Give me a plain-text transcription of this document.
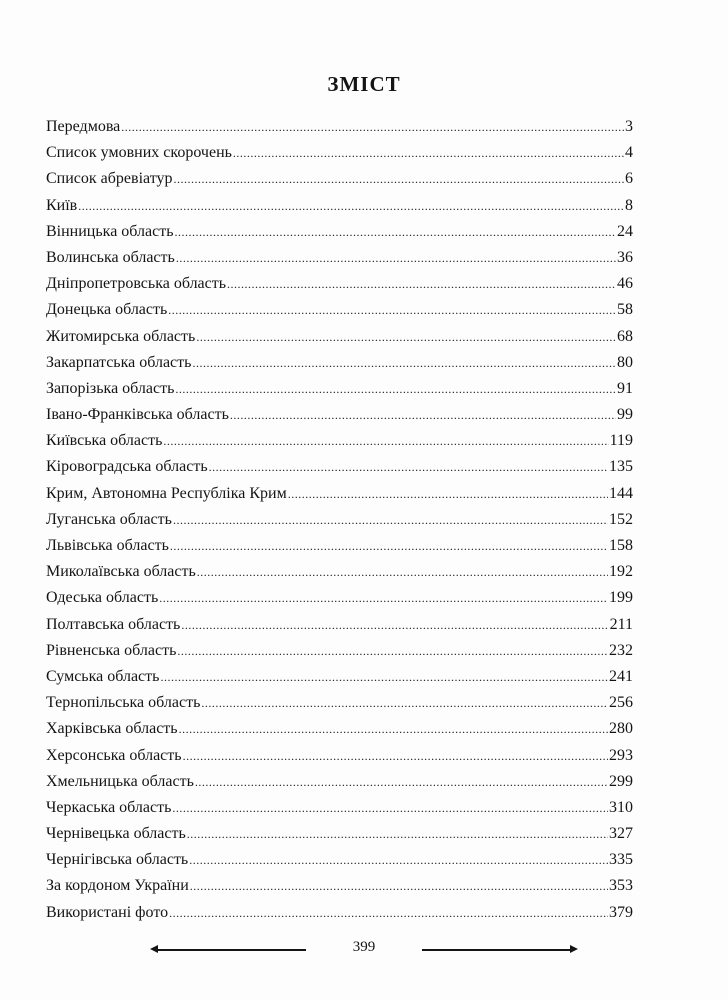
ЗМІСТ
Передмова .....	3
Список умовних скорочень .....	4
Список абревіатур .....	6
Київ .....	8
Вінницька область .....	24
Волинська область .....	36
Дніпропетровська область .....	46
Донецька область .....	58
Житомирська область .....	68
Закарпатська область .....	80
Запорізька область .....	91
Івано-Франківська область .....	99
Київська область .....	119
Кіровоградська область .....	135
Крим, Автономна Республіка Крим .....	144
Луганська область .....	152
Львівська область .....	158
Миколаївська область .....	192
Одеська область .....	199
Полтавська область .....	211
Рівненська область .....	232
Сумська область .....	241
Тернопільська область .....	256
Харківська область .....	280
Херсонська область .....	293
Хмельницька область .....	299
Черкаська область .....	310
Чернівецька область .....	327
Чернігівська область .....	335
За кордоном України .....	353
Використані фото .....	379
399
